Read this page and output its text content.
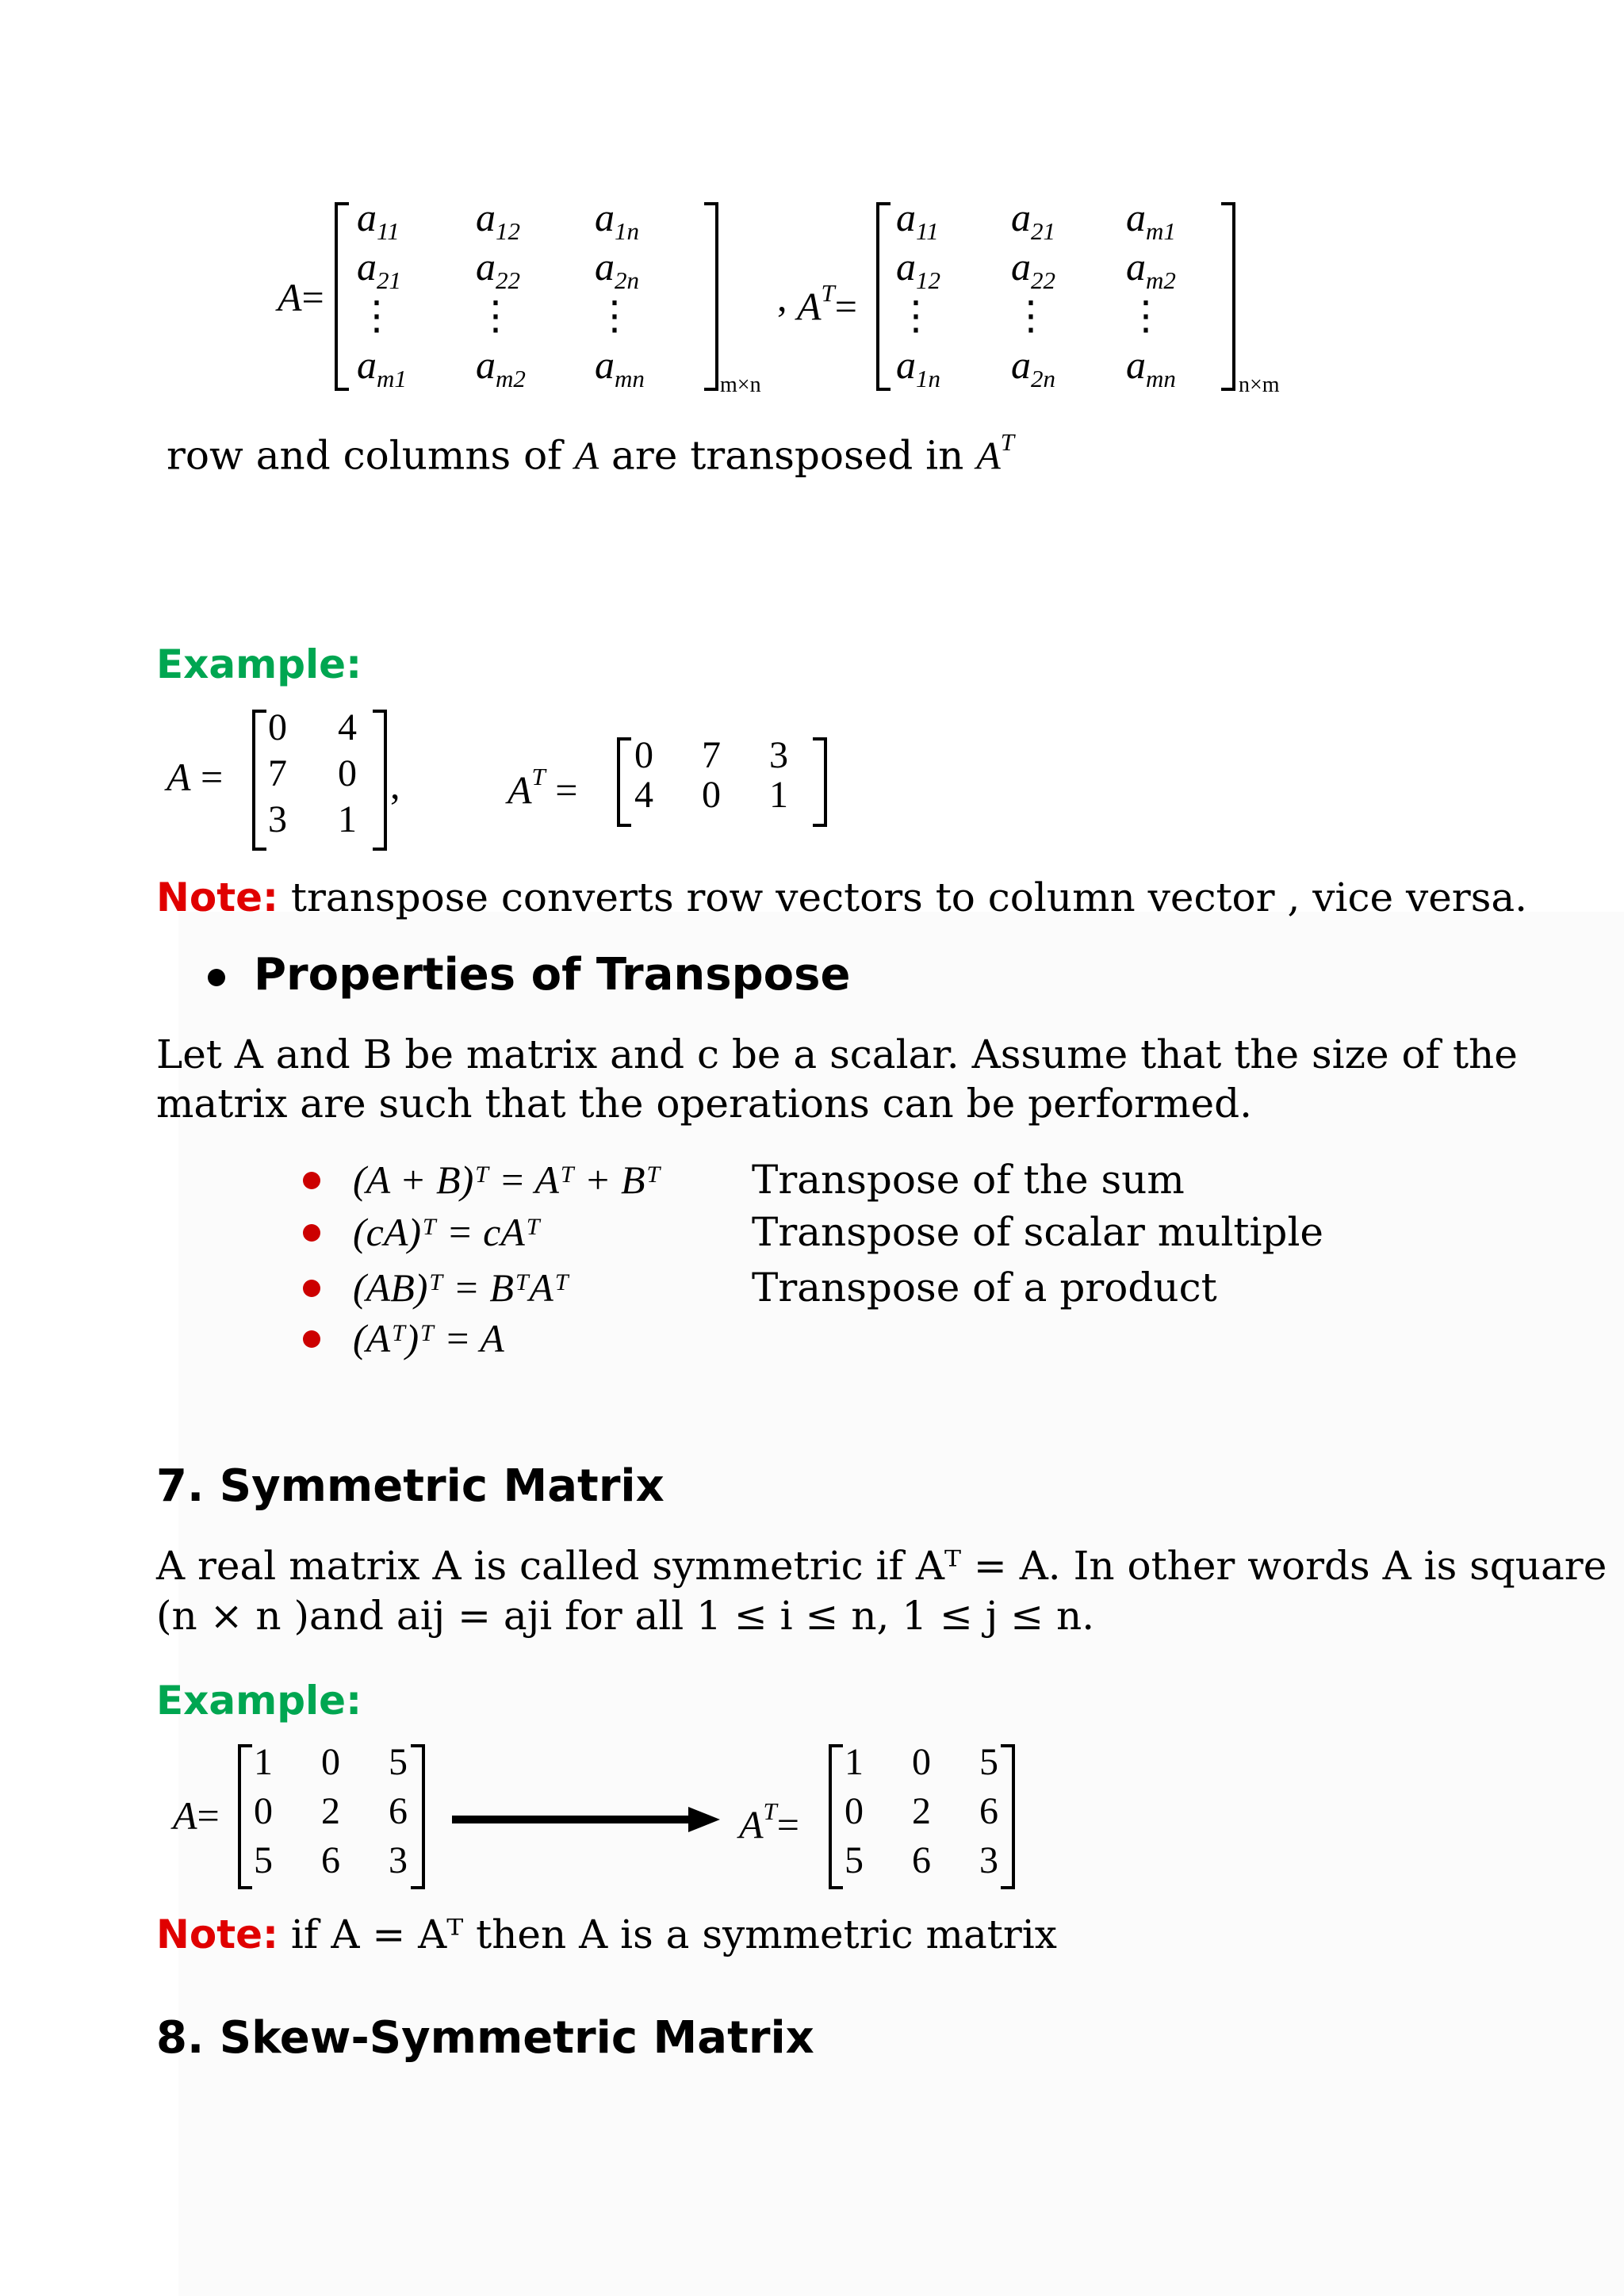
A=
$a_{11}$ $a_{12}$ $a_{1n}$
$a_{21}$ $a_{22}$ $a_{2n}$
⋮ ⋮ ⋮
$a_{m1}$ $a_{m2}$ $a_{mn}$	m×n
, $A^T=$
$a_{11}$ $a_{21}$ $a_{m1}$
$a_{12}$ $a_{22}$ $a_{m2}$
⋮ ⋮ ⋮
$a_{1n}$ $a_{2n}$ $a_{mn}$	n×m
row and columns of A are transposed in $A^T$
Example:
A =
0 4
7 0
3 1
,	$A^T$ =
0 7 3
4 0 1
Note: transpose converts row vectors to column vector , vice versa.
Properties of Transpose
Let A and B be matrix and c be a scalar. Assume that the size of the
matrix are such that the operations can be performed.
(A + B)ᵀ = Aᵀ + Bᵀ Transpose of the sum
(cA)ᵀ = cAᵀ	Transpose of scalar multiple
(AB)ᵀ = BᵀAᵀ	Transpose of a product
(Aᵀ)ᵀ = A
7. Symmetric Matrix
A real matrix A is called symmetric if Aᵀ = A. In other words A is square
(n × n )and aij = aji for all 1 ≤ i ≤ n, 1 ≤ j ≤ n.
Example:
A=
1 0 5
0 2 6
5 6 3
$A^T=$
1 0 5
0 2 6
5 6 3
Note: if A = Aᵀ then A is a symmetric matrix
8. Skew-Symmetric Matrix
